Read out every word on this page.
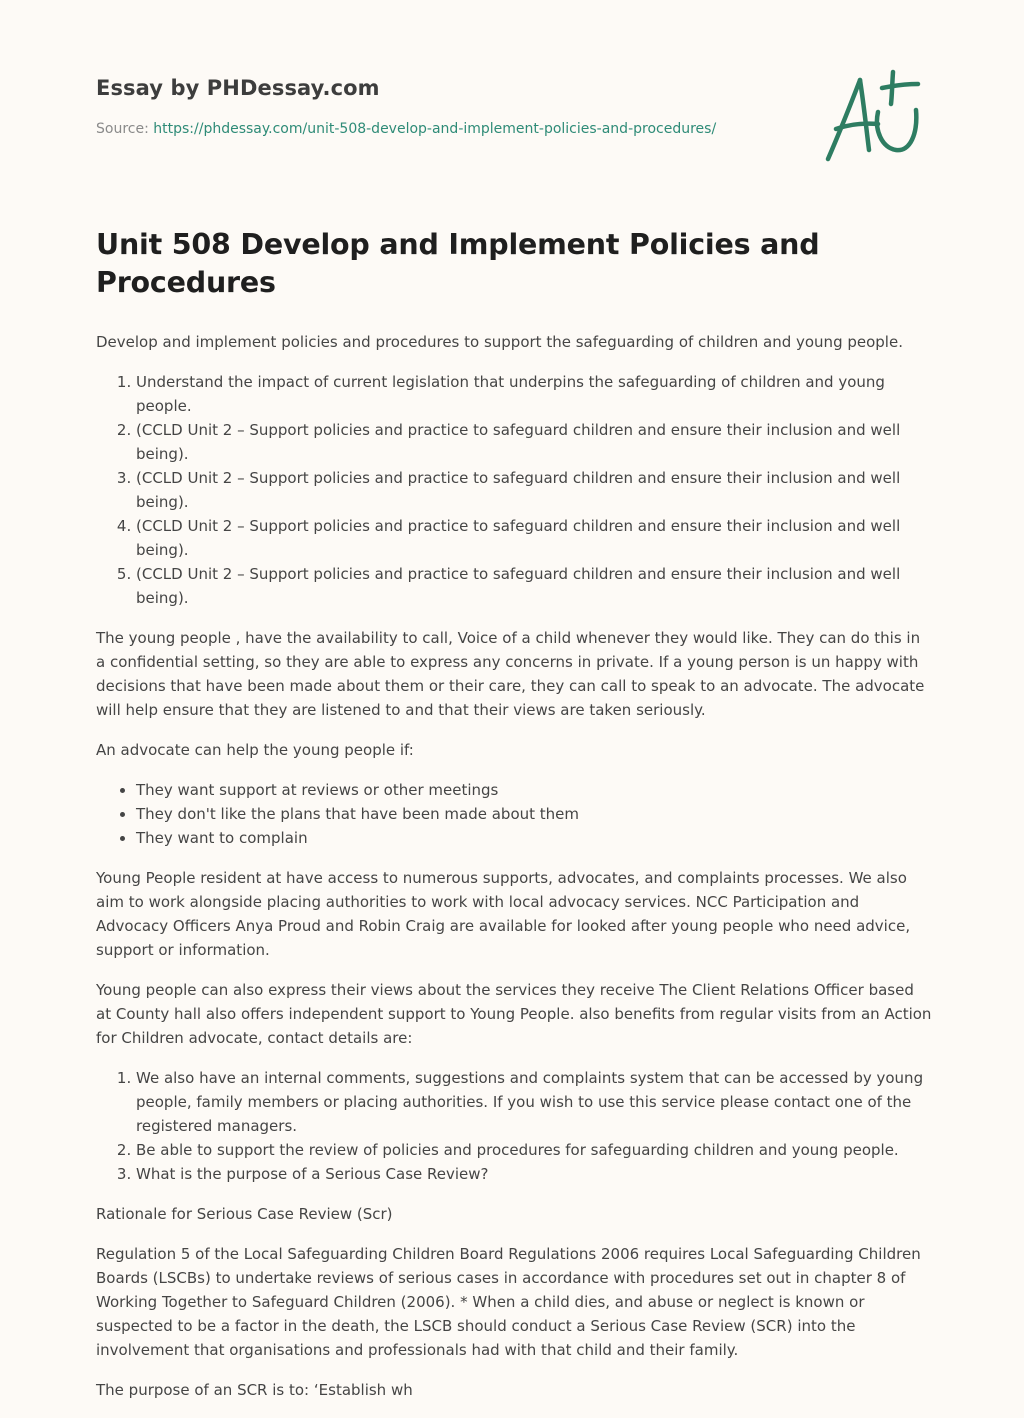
Essay by PHDessay.com
Source: https://phdessay.com/unit-508-develop-and-implement-policies-and-procedures/
Unit 508 Develop and Implement Policies and Procedures

Develop and implement policies and procedures to support the safeguarding of children and young people.

1. Understand the impact of current legislation that underpins the safeguarding of children and young people.
2. (CCLD Unit 2 – Support policies and practice to safeguard children and ensure their inclusion and well being).
3. (CCLD Unit 2 – Support policies and practice to safeguard children and ensure their inclusion and well being).
4. (CCLD Unit 2 – Support policies and practice to safeguard children and ensure their inclusion and well being).
5. (CCLD Unit 2 – Support policies and practice to safeguard children and ensure their inclusion and well being).

The young people , have the availability to call, Voice of a child whenever they would like. They can do this in a confidential setting, so they are able to express any concerns in private. If a young person is un happy with decisions that have been made about them or their care, they can call to speak to an advocate. The advocate will help ensure that they are listened to and that their views are taken seriously.

An advocate can help the young people if:

• They want support at reviews or other meetings
• They don't like the plans that have been made about them
• They want to complain

Young People resident at have access to numerous supports, advocates, and complaints processes. We also aim to work alongside placing authorities to work with local advocacy services. NCC Participation and Advocacy Officers Anya Proud and Robin Craig are available for looked after young people who need advice, support or information.

Young people can also express their views about the services they receive The Client Relations Officer based at County hall also offers independent support to Young People. also benefits from regular visits from an Action for Children advocate, contact details are:

1. We also have an internal comments, suggestions and complaints system that can be accessed by young people, family members or placing authorities. If you wish to use this service please contact one of the registered managers.
2. Be able to support the review of policies and procedures for safeguarding children and young people.
3. What is the purpose of a Serious Case Review?

Rationale for Serious Case Review (Scr)

Regulation 5 of the Local Safeguarding Children Board Regulations 2006 requires Local Safeguarding Children Boards (LSCBs) to undertake reviews of serious cases in accordance with procedures set out in chapter 8 of Working Together to Safeguard Children (2006). * When a child dies, and abuse or neglect is known or suspected to be a factor in the death, the LSCB should conduct a Serious Case Review (SCR) into the involvement that organisations and professionals had with that child and their family.

The purpose of an SCR is to: ‘Establish wh
